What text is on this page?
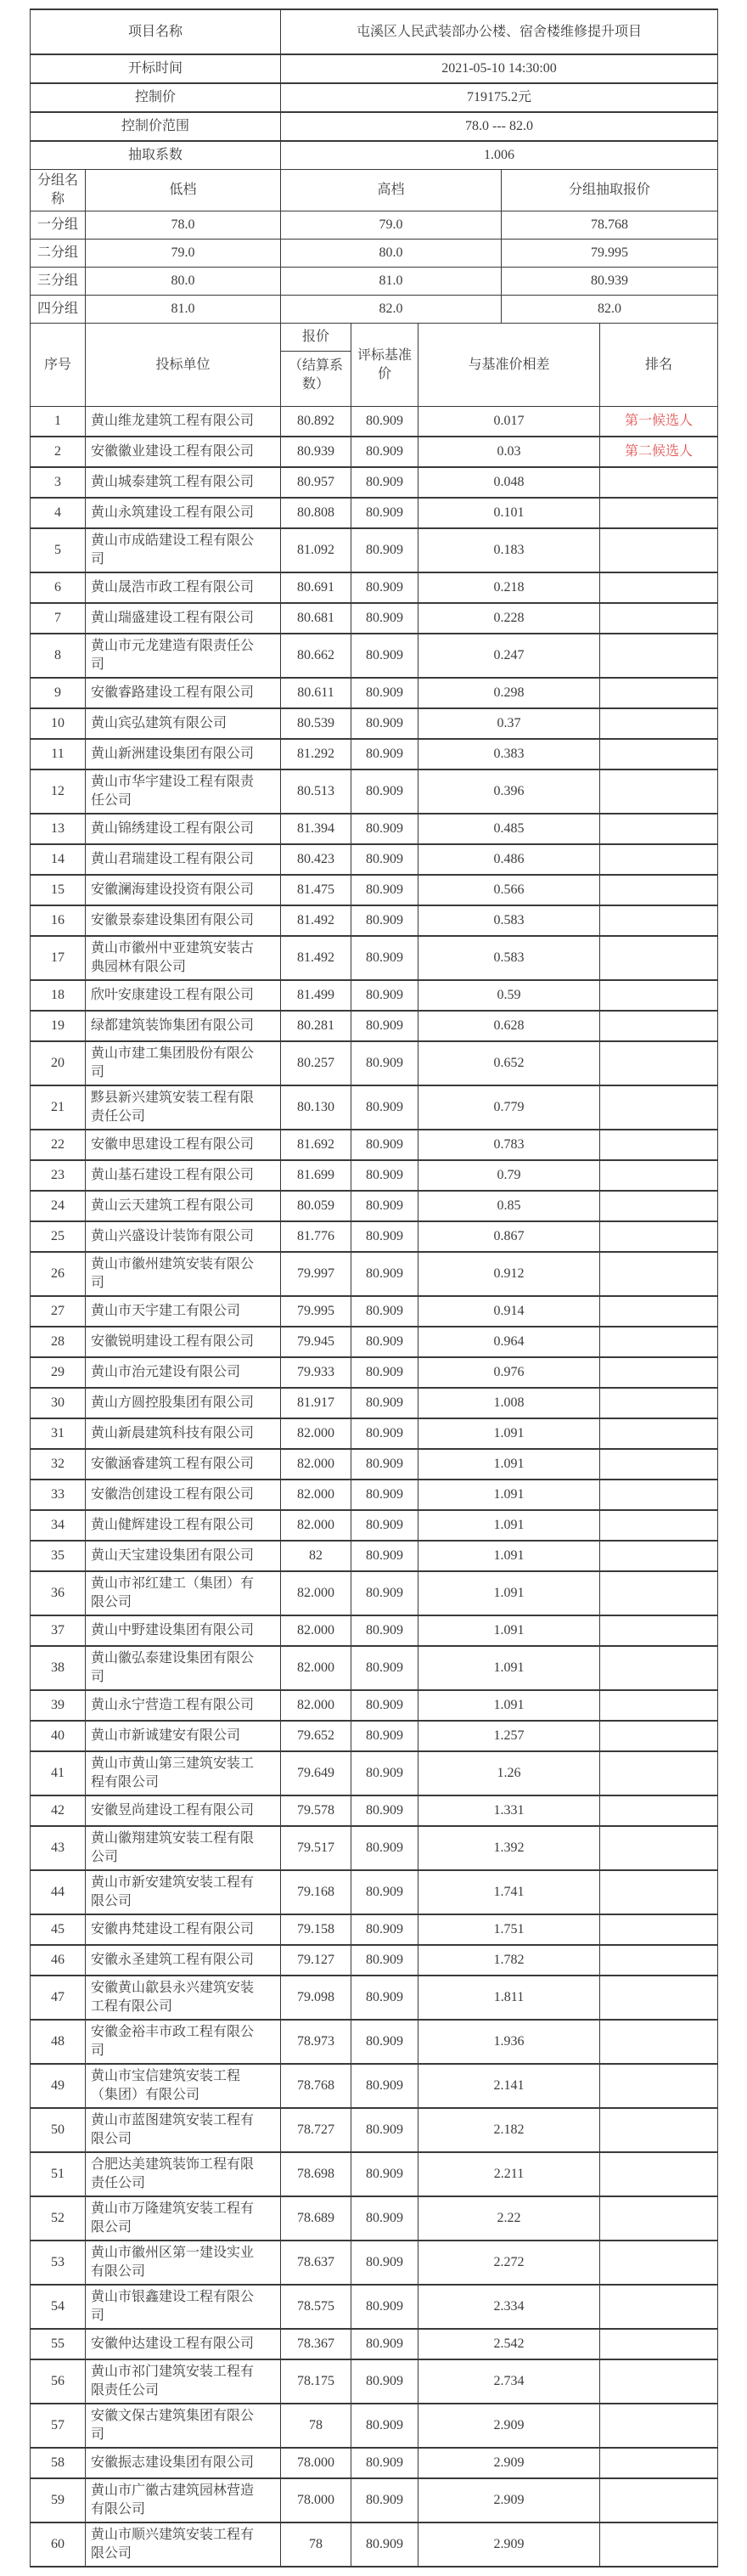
项目名称	屯溪区人民武装部办公楼、宿舍楼维修提升项目
开标时间	2021-05-10 14:30:00
控制价	719175.2元
控制价范围	78.0 --- 82.0
抽取系数	1.006
分组名称	低档	高档	分组抽取报价
一分组	78.0	79.0	78.768
二分组	79.0	80.0	79.995
三分组	80.0	81.0	80.939
四分组	81.0	82.0	82.0
序号	投标单位	报价	评标基准价	与基准价相差	排名
		（结算系数）			
1	黄山维龙建筑工程有限公司	80.892	80.909	0.017	第一候选人
2	安徽徽业建设工程有限公司	80.939	80.909	0.03	第二候选人
3	黄山城泰建筑工程有限公司	80.957	80.909	0.048	
4	黄山永筑建设工程有限公司	80.808	80.909	0.101	
5	黄山市成皓建设工程有限公司	81.092	80.909	0.183	
6	黄山晟浩市政工程有限公司	80.691	80.909	0.218	
7	黄山瑞盛建设工程有限公司	80.681	80.909	0.228	
8	黄山市元龙建造有限责任公司	80.662	80.909	0.247	
9	安徽睿路建设工程有限公司	80.611	80.909	0.298	
10	黄山宾弘建筑有限公司	80.539	80.909	0.37	
11	黄山新洲建设集团有限公司	81.292	80.909	0.383	
12	黄山市华宇建设工程有限责任公司	80.513	80.909	0.396	
13	黄山锦绣建设工程有限公司	81.394	80.909	0.485	
14	黄山君瑞建设工程有限公司	80.423	80.909	0.486	
15	安徽澜海建设投资有限公司	81.475	80.909	0.566	
16	安徽景泰建设集团有限公司	81.492	80.909	0.583	
17	黄山市徽州中亚建筑安装古典园林有限公司	81.492	80.909	0.583	
18	欣叶安康建设工程有限公司	81.499	80.909	0.59	
19	绿都建筑装饰集团有限公司	80.281	80.909	0.628	
20	黄山市建工集团股份有限公司	80.257	80.909	0.652	
21	黟县新兴建筑安装工程有限责任公司	80.130	80.909	0.779	
22	安徽申思建设工程有限公司	81.692	80.909	0.783	
23	黄山基石建设工程有限公司	81.699	80.909	0.79	
24	黄山云天建筑工程有限公司	80.059	80.909	0.85	
25	黄山兴盛设计装饰有限公司	81.776	80.909	0.867	
26	黄山市徽州建筑安装有限公司	79.997	80.909	0.912	
27	黄山市天宇建工有限公司	79.995	80.909	0.914	
28	安徽锐明建设工程有限公司	79.945	80.909	0.964	
29	黄山市治元建设有限公司	79.933	80.909	0.976	
30	黄山方圆控股集团有限公司	81.917	80.909	1.008	
31	黄山新晨建筑科技有限公司	82.000	80.909	1.091	
32	安徽涵睿建筑工程有限公司	82.000	80.909	1.091	
33	安徽浩创建设工程有限公司	82.000	80.909	1.091	
34	黄山健辉建设工程有限公司	82.000	80.909	1.091	
35	黄山天宝建设集团有限公司	82	80.909	1.091	
36	黄山市祁红建工（集团）有限公司	82.000	80.909	1.091	
37	黄山中野建设集团有限公司	82.000	80.909	1.091	
38	黄山徽弘泰建设集团有限公司	82.000	80.909	1.091	
39	黄山永宁营造工程有限公司	82.000	80.909	1.091	
40	黄山市新诚建安有限公司	79.652	80.909	1.257	
41	黄山市黄山第三建筑安装工程有限公司	79.649	80.909	1.26	
42	安徽昱尚建设工程有限公司	79.578	80.909	1.331	
43	黄山徽翔建筑安装工程有限公司	79.517	80.909	1.392	
44	黄山市新安建筑安装工程有限公司	79.168	80.909	1.741	
45	安徽冉梵建设工程有限公司	79.158	80.909	1.751	
46	安徽永圣建筑工程有限公司	79.127	80.909	1.782	
47	安徽黄山歙县永兴建筑安装工程有限公司	79.098	80.909	1.811	
48	安徽金裕丰市政工程有限公司	78.973	80.909	1.936	
49	黄山市宝信建筑安装工程（集团）有限公司	78.768	80.909	2.141	
50	黄山市蓝图建筑安装工程有限公司	78.727	80.909	2.182	
51	合肥达美建筑装饰工程有限责任公司	78.698	80.909	2.211	
52	黄山市万隆建筑安装工程有限公司	78.689	80.909	2.22	
53	黄山市徽州区第一建设实业有限公司	78.637	80.909	2.272	
54	黄山市银鑫建设工程有限公司	78.575	80.909	2.334	
55	安徽仲达建设工程有限公司	78.367	80.909	2.542	
56	黄山市祁门建筑安装工程有限责任公司	78.175	80.909	2.734	
57	安徽文保古建筑集团有限公司	78	80.909	2.909	
58	安徽振志建设集团有限公司	78.000	80.909	2.909	
59	黄山市广徽古建筑园林营造有限公司	78.000	80.909	2.909	
60	黄山市顺兴建筑安装工程有限公司	78	80.909	2.909	
